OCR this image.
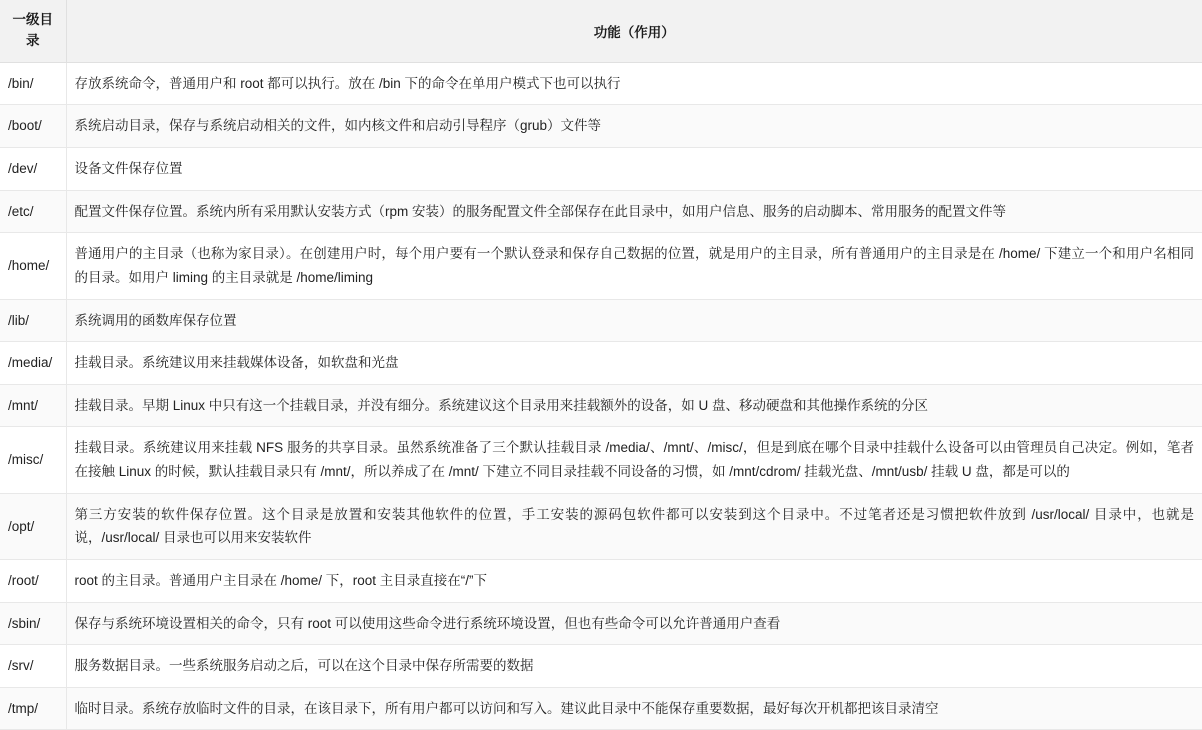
一级目录	功能（作用）
/bin/	存放系统命令，普通用户和 root 都可以执行。放在 /bin 下的命令在单用户模式下也可以执行
/boot/	系统启动目录，保存与系统启动相关的文件，如内核文件和启动引导程序（grub）文件等
/dev/	设备文件保存位置
/etc/	配置文件保存位置。系统内所有采用默认安装方式（rpm 安装）的服务配置文件全部保存在此目录中，如用户信息、服务的启动脚本、常用服务的配置文件等
/home/	普通用户的主目录（也称为家目录）。在创建用户时，每个用户要有一个默认登录和保存自己数据的位置，就是用户的主目录，所有普通用户的主目录是在 /home/ 下建立一个和用户名相同的目录。如用户 liming 的主目录就是 /home/liming
/lib/	系统调用的函数库保存位置
/media/	挂载目录。系统建议用来挂载媒体设备，如软盘和光盘
/mnt/	挂载目录。早期 Linux 中只有这一个挂载目录，并没有细分。系统建议这个目录用来挂载额外的设备，如 U 盘、移动硬盘和其他操作系统的分区
/misc/	挂载目录。系统建议用来挂载 NFS 服务的共享目录。虽然系统准备了三个默认挂载目录 /media/、/mnt/、/misc/，但是到底在哪个目录中挂载什么设备可以由管理员自己决定。例如，笔者在接触 Linux 的时候，默认挂载目录只有 /mnt/，所以养成了在 /mnt/ 下建立不同目录挂载不同设备的习惯，如 /mnt/cdrom/ 挂载光盘、/mnt/usb/ 挂载 U 盘，都是可以的
/opt/	第三方安装的软件保存位置。这个目录是放置和安装其他软件的位置，手工安装的源码包软件都可以安装到这个目录中。不过笔者还是习惯把软件放到 /usr/local/ 目录中，也就是说，/usr/local/ 目录也可以用来安装软件
/root/	root 的主目录。普通用户主目录在 /home/ 下，root 主目录直接在“/”下
/sbin/	保存与系统环境设置相关的命令，只有 root 可以使用这些命令进行系统环境设置，但也有些命令可以允许普通用户查看
/srv/	服务数据目录。一些系统服务启动之后，可以在这个目录中保存所需要的数据
/tmp/	临时目录。系统存放临时文件的目录，在该目录下，所有用户都可以访问和写入。建议此目录中不能保存重要数据，最好每次开机都把该目录清空
